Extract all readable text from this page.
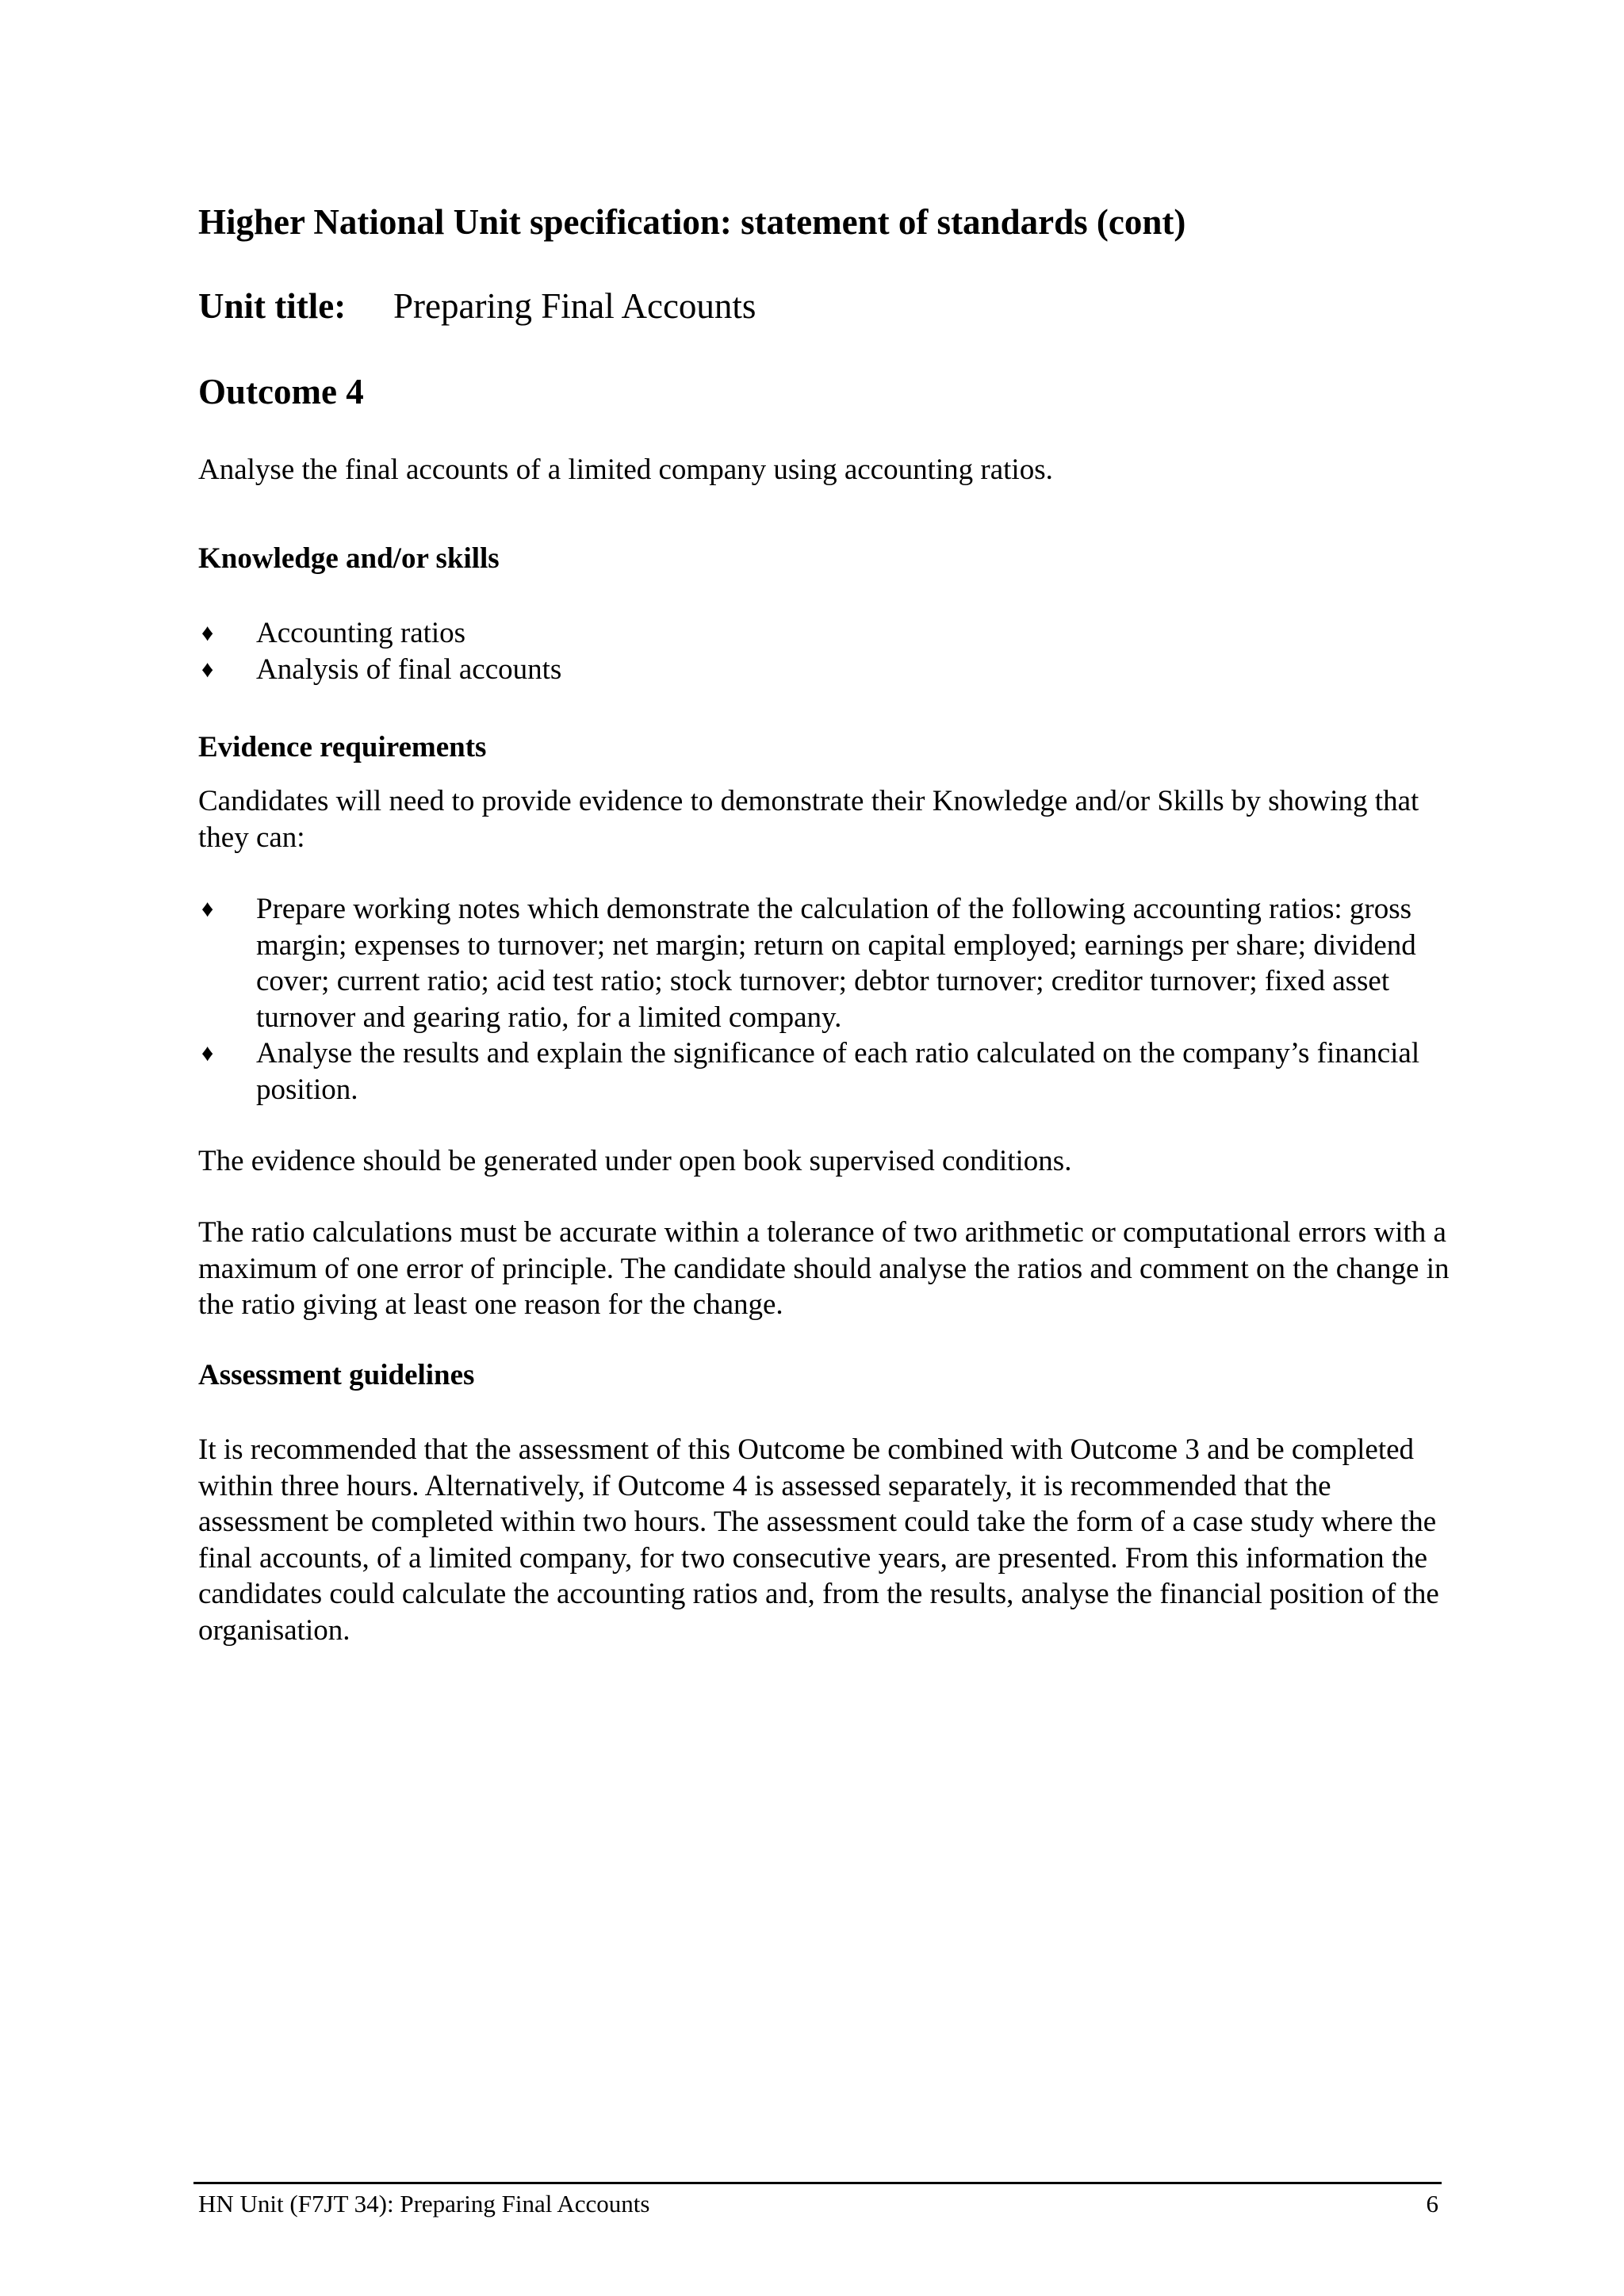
Higher National Unit specification: statement of standards (cont)
Unit title: Preparing Final Accounts
Outcome 4

Analyse the final accounts of a limited company using accounting ratios.

Knowledge and/or skills
♦ Accounting ratios
♦ Analysis of final accounts
Evidence requirements

Candidates will need to provide evidence to demonstrate their Knowledge and/or Skills by showing that they can:

♦ Prepare working notes which demonstrate the calculation of the following accounting ratios: gross margin; expenses to turnover; net margin; return on capital employed; earnings per share; dividend cover; current ratio; acid test ratio; stock turnover; debtor turnover; creditor turnover; fixed asset turnover and gearing ratio, for a limited company.
♦ Analyse the results and explain the significance of each ratio calculated on the company’s financial position.

The evidence should be generated under open book supervised conditions.

The ratio calculations must be accurate within a tolerance of two arithmetic or computational errors with a maximum of one error of principle. The candidate should analyse the ratios and comment on the change in the ratio giving at least one reason for the change.

Assessment guidelines

It is recommended that the assessment of this Outcome be combined with Outcome 3 and be completed within three hours. Alternatively, if Outcome 4 is assessed separately, it is recommended that the assessment be completed within two hours. The assessment could take the form of a case study where the final accounts, of a limited company, for two consecutive years, are presented. From this information the candidates could calculate the accounting ratios and, from the results, analyse the financial position of the organisation.

HN Unit (F7JT 34): Preparing Final Accounts	6
